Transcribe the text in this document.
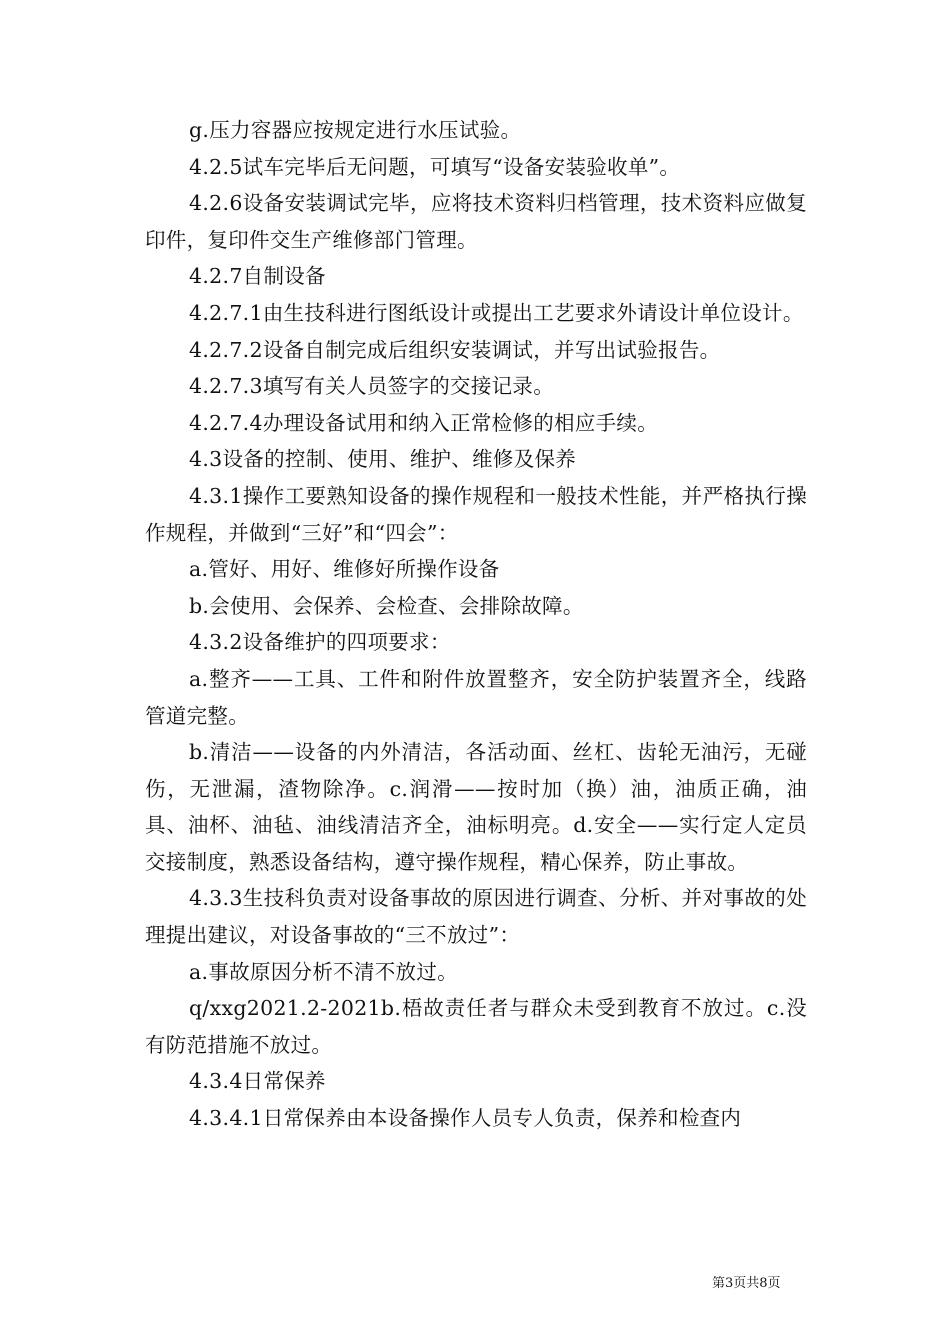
g.压力容器应按规定进行水压试验。

4.2.5试车完毕后无问题，可填写“设备安装验收单”。

4.2.6设备安装调试完毕，应将技术资料归档管理，技术资料应做复印件，复印件交生产维修部门管理。

4.2.7自制设备

4.2.7.1由生技科进行图纸设计或提出工艺要求外请设计单位设计。

4.2.7.2设备自制完成后组织安装调试，并写出试验报告。

4.2.7.3填写有关人员签字的交接记录。

4.2.7.4办理设备试用和纳入正常检修的相应手续。

4.3设备的控制、使用、维护、维修及保养

4.3.1操作工要熟知设备的操作规程和一般技术性能，并严格执行操作规程，并做到“三好”和“四会”：

a.管好、用好、维修好所操作设备

b.会使用、会保养、会检查、会排除故障。

4.3.2设备维护的四项要求：

a.整齐——工具、工件和附件放置整齐，安全防护装置齐全，线路管道完整。

b.清洁——设备的内外清洁，各活动面、丝杠、齿轮无油污，无碰伤，无泄漏，渣物除净。c.润滑——按时加（换）油，油质正确，油具、油杯、油毡、油线清洁齐全，油标明亮。d.安全——实行定人定员交接制度，熟悉设备结构，遵守操作规程，精心保养，防止事故。

4.3.3生技科负责对设备事故的原因进行调查、分析、并对事故的处理提出建议，对设备事故的“三不放过”：

a.事故原因分析不清不放过。

q/xxg2021.2-2021b.梧故责任者与群众未受到教育不放过。c.没有防范措施不放过。

4.3.4日常保养

4.3.4.1日常保养由本设备操作人员专人负责，保养和检查内

第3页共8页
